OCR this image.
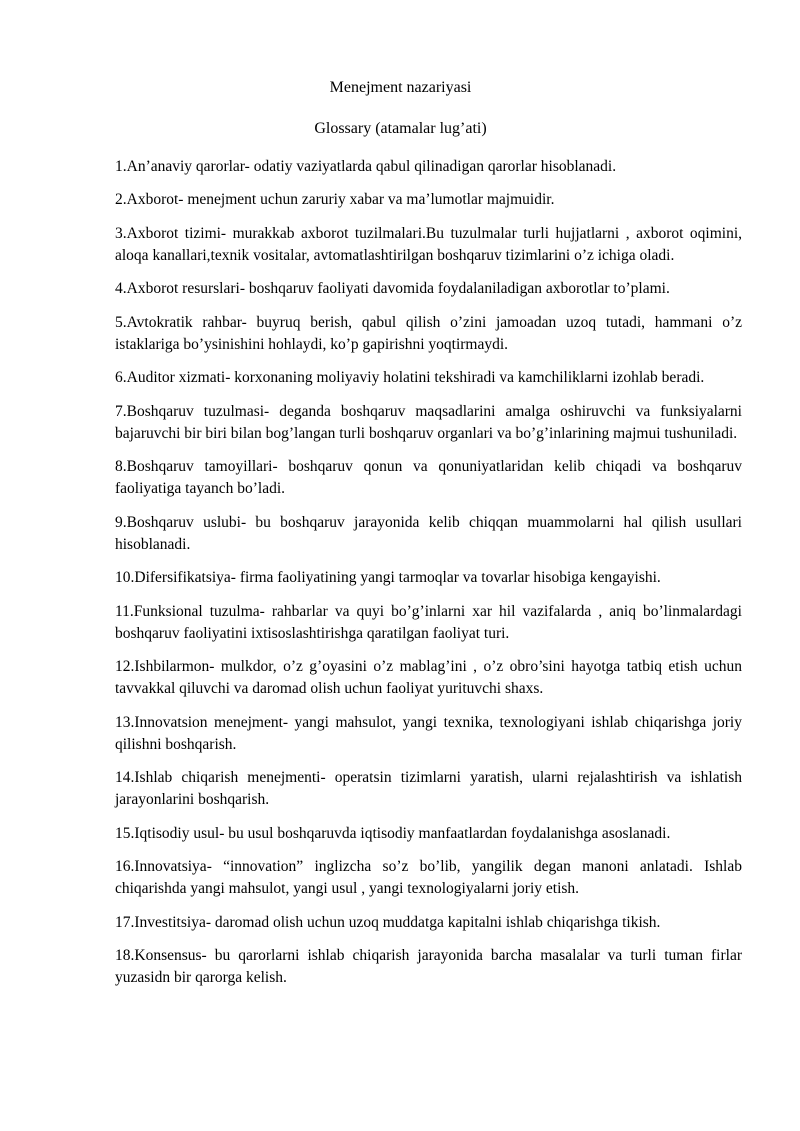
Menejment nazariyasi
Glossary (atamalar lug’ati)

1.An’anaviy qarorlar- odatiy vaziyatlarda qabul qilinadigan qarorlar hisoblanadi.

2.Axborot- menejment uchun zaruriy xabar va ma’lumotlar majmuidir.

3.Axborot tizimi- murakkab axborot tuzilmalari.Bu tuzulmalar turli hujjatlarni , axborot oqimini, aloqa kanallari,texnik vositalar, avtomatlashtirilgan boshqaruv tizimlarini o’z ichiga oladi.

4.Axborot resurslari- boshqaruv faoliyati davomida foydalaniladigan axborotlar to’plami.

5.Avtokratik rahbar- buyruq berish, qabul qilish o’zini jamoadan uzoq tutadi, hammani o’z istaklariga bo’ysinishini hohlaydi, ko’p gapirishni yoqtirmaydi.

6.Auditor xizmati- korxonaning moliyaviy holatini tekshiradi va kamchiliklarni izohlab beradi.

7.Boshqaruv tuzulmasi- deganda boshqaruv maqsadlarini amalga oshiruvchi va funksiyalarni bajaruvchi bir biri bilan bog’langan turli boshqaruv organlari va bo’g’inlarining majmui tushuniladi.

8.Boshqaruv tamoyillari- boshqaruv qonun va qonuniyatlaridan kelib chiqadi va boshqaruv faoliyatiga tayanch bo’ladi.

9.Boshqaruv uslubi- bu boshqaruv jarayonida kelib chiqqan muammolarni hal qilish usullari hisoblanadi.

10.Difersifikatsiya- firma faoliyatining yangi tarmoqlar va tovarlar hisobiga kengayishi.

11.Funksional tuzulma- rahbarlar va quyi bo’g’inlarni xar hil vazifalarda , aniq bo’linmalardagi boshqaruv faoliyatini ixtisoslashtirishga qaratilgan faoliyat turi.

12.Ishbilarmon- mulkdor, o’z g’oyasini o’z mablag’ini , o’z obro’sini hayotga tatbiq etish uchun tavvakkal qiluvchi va daromad olish uchun faoliyat yurituvchi shaxs.

13.Innovatsion menejment- yangi mahsulot, yangi texnika, texnologiyani ishlab chiqarishga joriy qilishni boshqarish.

14.Ishlab chiqarish menejmenti- operatsin tizimlarni yaratish, ularni rejalashtirish va ishlatish jarayonlarini boshqarish.

15.Iqtisodiy usul- bu usul boshqaruvda iqtisodiy manfaatlardan foydalanishga asoslanadi.

16.Innovatsiya- “innovation” inglizcha so’z bo’lib, yangilik degan manoni anlatadi. Ishlab chiqarishda yangi mahsulot, yangi usul , yangi texnologiyalarni joriy etish.

17.Investitsiya- daromad olish uchun uzoq muddatga kapitalni ishlab chiqarishga tikish.

18.Konsensus- bu qarorlarni ishlab chiqarish jarayonida barcha masalalar va turli tuman firlar yuzasidn bir qarorga kelish.
